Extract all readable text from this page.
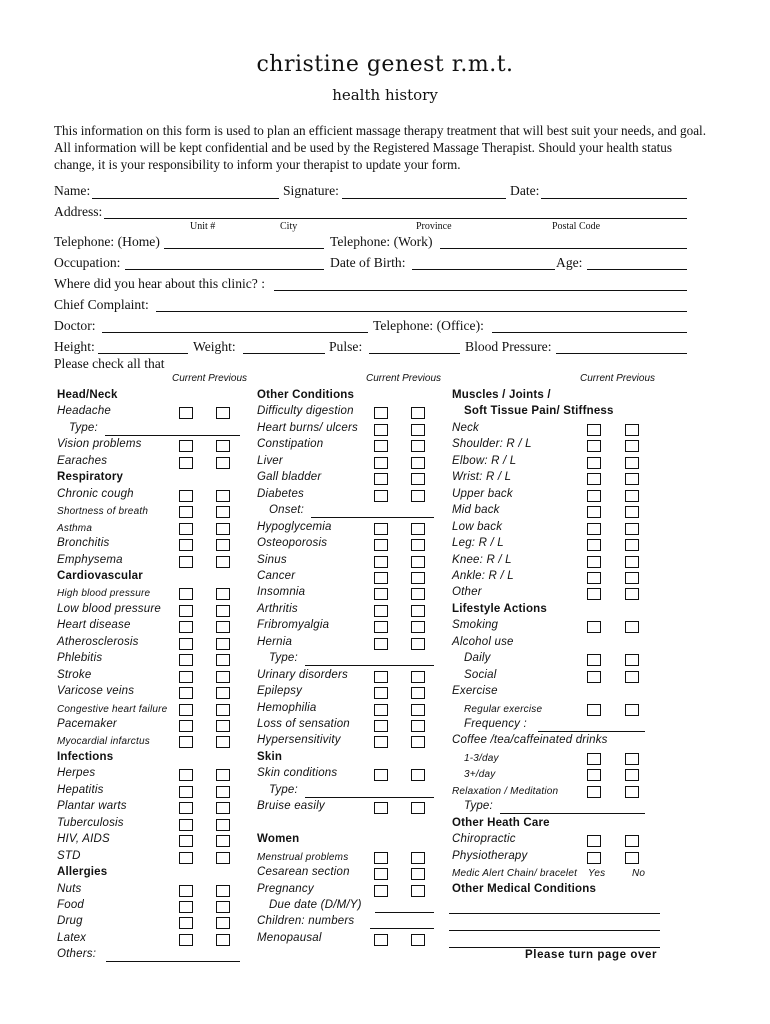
christine genest r.m.t.
health history
This information on this form is used to plan an efficient massage therapy treatment that will best suit your needs, and goal. All information will be kept confidential and be used by the Registered Massage Therapist. Should your health status change, it is your responsibility to inform your therapist to update your form.
Name:	Signature:	Date:
Address:
Unit #	City	Province	Postal Code
Telephone: (Home)	Telephone: (Work)
Occupation:	Date of Birth:	Age:
Where did you hear about this clinic? :
Chief Complaint:
Doctor:	Telephone: (Office):
Height:	Weight:	Pulse:	Blood Pressure:
Please check all that
Current Previous	Current Previous	Current Previous
Head/Neck
Headache
Type:
Vision problems
Earaches
Respiratory
Chronic cough
Shortness of breath
Asthma
Bronchitis
Emphysema
Cardiovascular
High blood pressure
Low blood pressure
Heart disease
Atherosclerosis
Phlebitis
Stroke
Varicose veins
Congestive heart failure
Pacemaker
Myocardial infarctus
Infections
Herpes
Hepatitis
Plantar warts
Tuberculosis
HIV, AIDS
STD
Allergies
Nuts
Food
Drug
Latex
Others:
Other Conditions
Difficulty digestion
Heart burns/ ulcers
Constipation
Liver
Gall bladder
Diabetes
Onset:
Hypoglycemia
Osteoporosis
Sinus
Cancer
Insomnia
Arthritis
Fribromyalgia
Hernia
Type:
Urinary disorders
Epilepsy
Hemophilia
Loss of sensation
Hypersensitivity
Skin
Skin conditions
Type:
Bruise easily
Women
Menstrual problems
Cesarean section
Pregnancy
Due date (D/M/Y)
Children: numbers
Menopausal
Muscles / Joints /
Soft Tissue Pain/ Stiffness
Neck
Shoulder: R / L
Elbow: R / L
Wrist: R / L
Upper back
Mid back
Low back
Leg: R / L
Knee: R / L
Ankle: R / L
Other
Lifestyle Actions
Smoking
Alcohol use
Daily
Social
Exercise
Regular exercise
Frequency :
Coffee /tea/caffeinated drinks
1-3/day
3+/day
Relaxation / Meditation
Type:
Other Heath Care
Chiropractic
Physiotherapy
Medic Alert Chain/ bracelet Yes	No
Other Medical Conditions
Please turn page over
